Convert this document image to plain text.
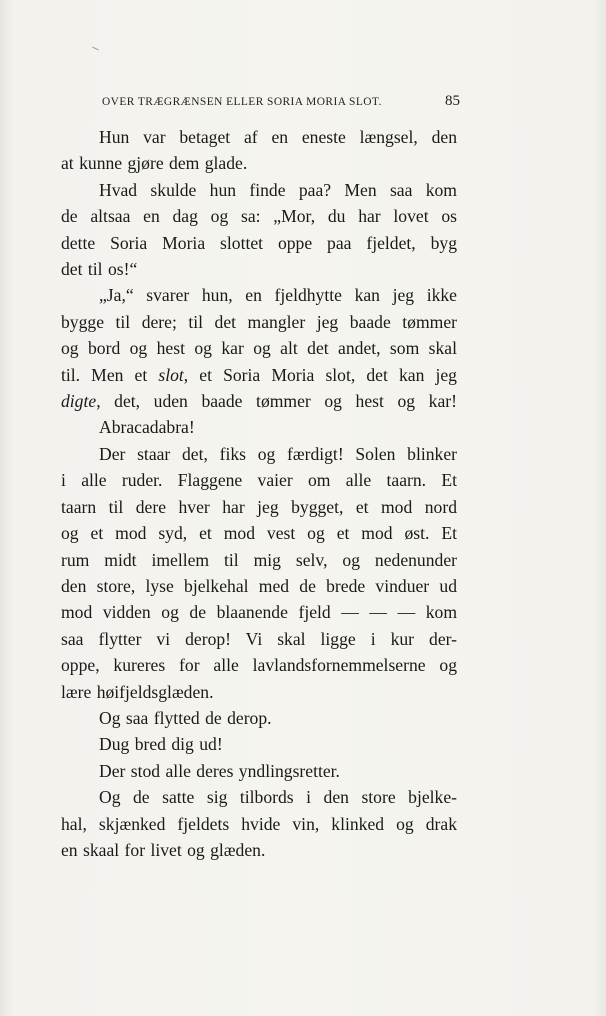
OVER TRÆGRÆNSEN ELLER SORIA MORIA SLOT.	85

Hun var betaget af en eneste længsel, den
at kunne gjøre dem glade.

Hvad skulde hun finde paa? Men saa kom
de altsaa en dag og sa: „Mor, du har lovet os
dette Soria Moria slottet oppe paa fjeldet, byg
det til os!“

„Ja,“ svarer hun, en fjeldhytte kan jeg ikke
bygge til dere; til det mangler jeg baade tømmer
og bord og hest og kar og alt det andet, som skal
til. Men et slot, et Soria Moria slot, det kan jeg
digte, det, uden baade tømmer og hest og kar!

Abracadabra!

Der staar det, fiks og færdigt! Solen blinker
i alle ruder. Flaggene vaier om alle taarn. Et
taarn til dere hver har jeg bygget, et mod nord
og et mod syd, et mod vest og et mod øst. Et
rum midt imellem til mig selv, og nedenunder
den store, lyse bjelkehal med de brede vinduer ud
mod vidden og de blaanende fjeld — — — kom
saa flytter vi derop! Vi skal ligge i kur der-
oppe, kureres for alle lavlandsfornemmelserne og
lære høifjeldsglæden.

Og saa flytted de derop.

Dug bred dig ud!

Der stod alle deres yndlingsretter.

Og de satte sig tilbords i den store bjelke-
hal, skjænked fjeldets hvide vin, klinked og drak
en skaal for livet og glæden.
